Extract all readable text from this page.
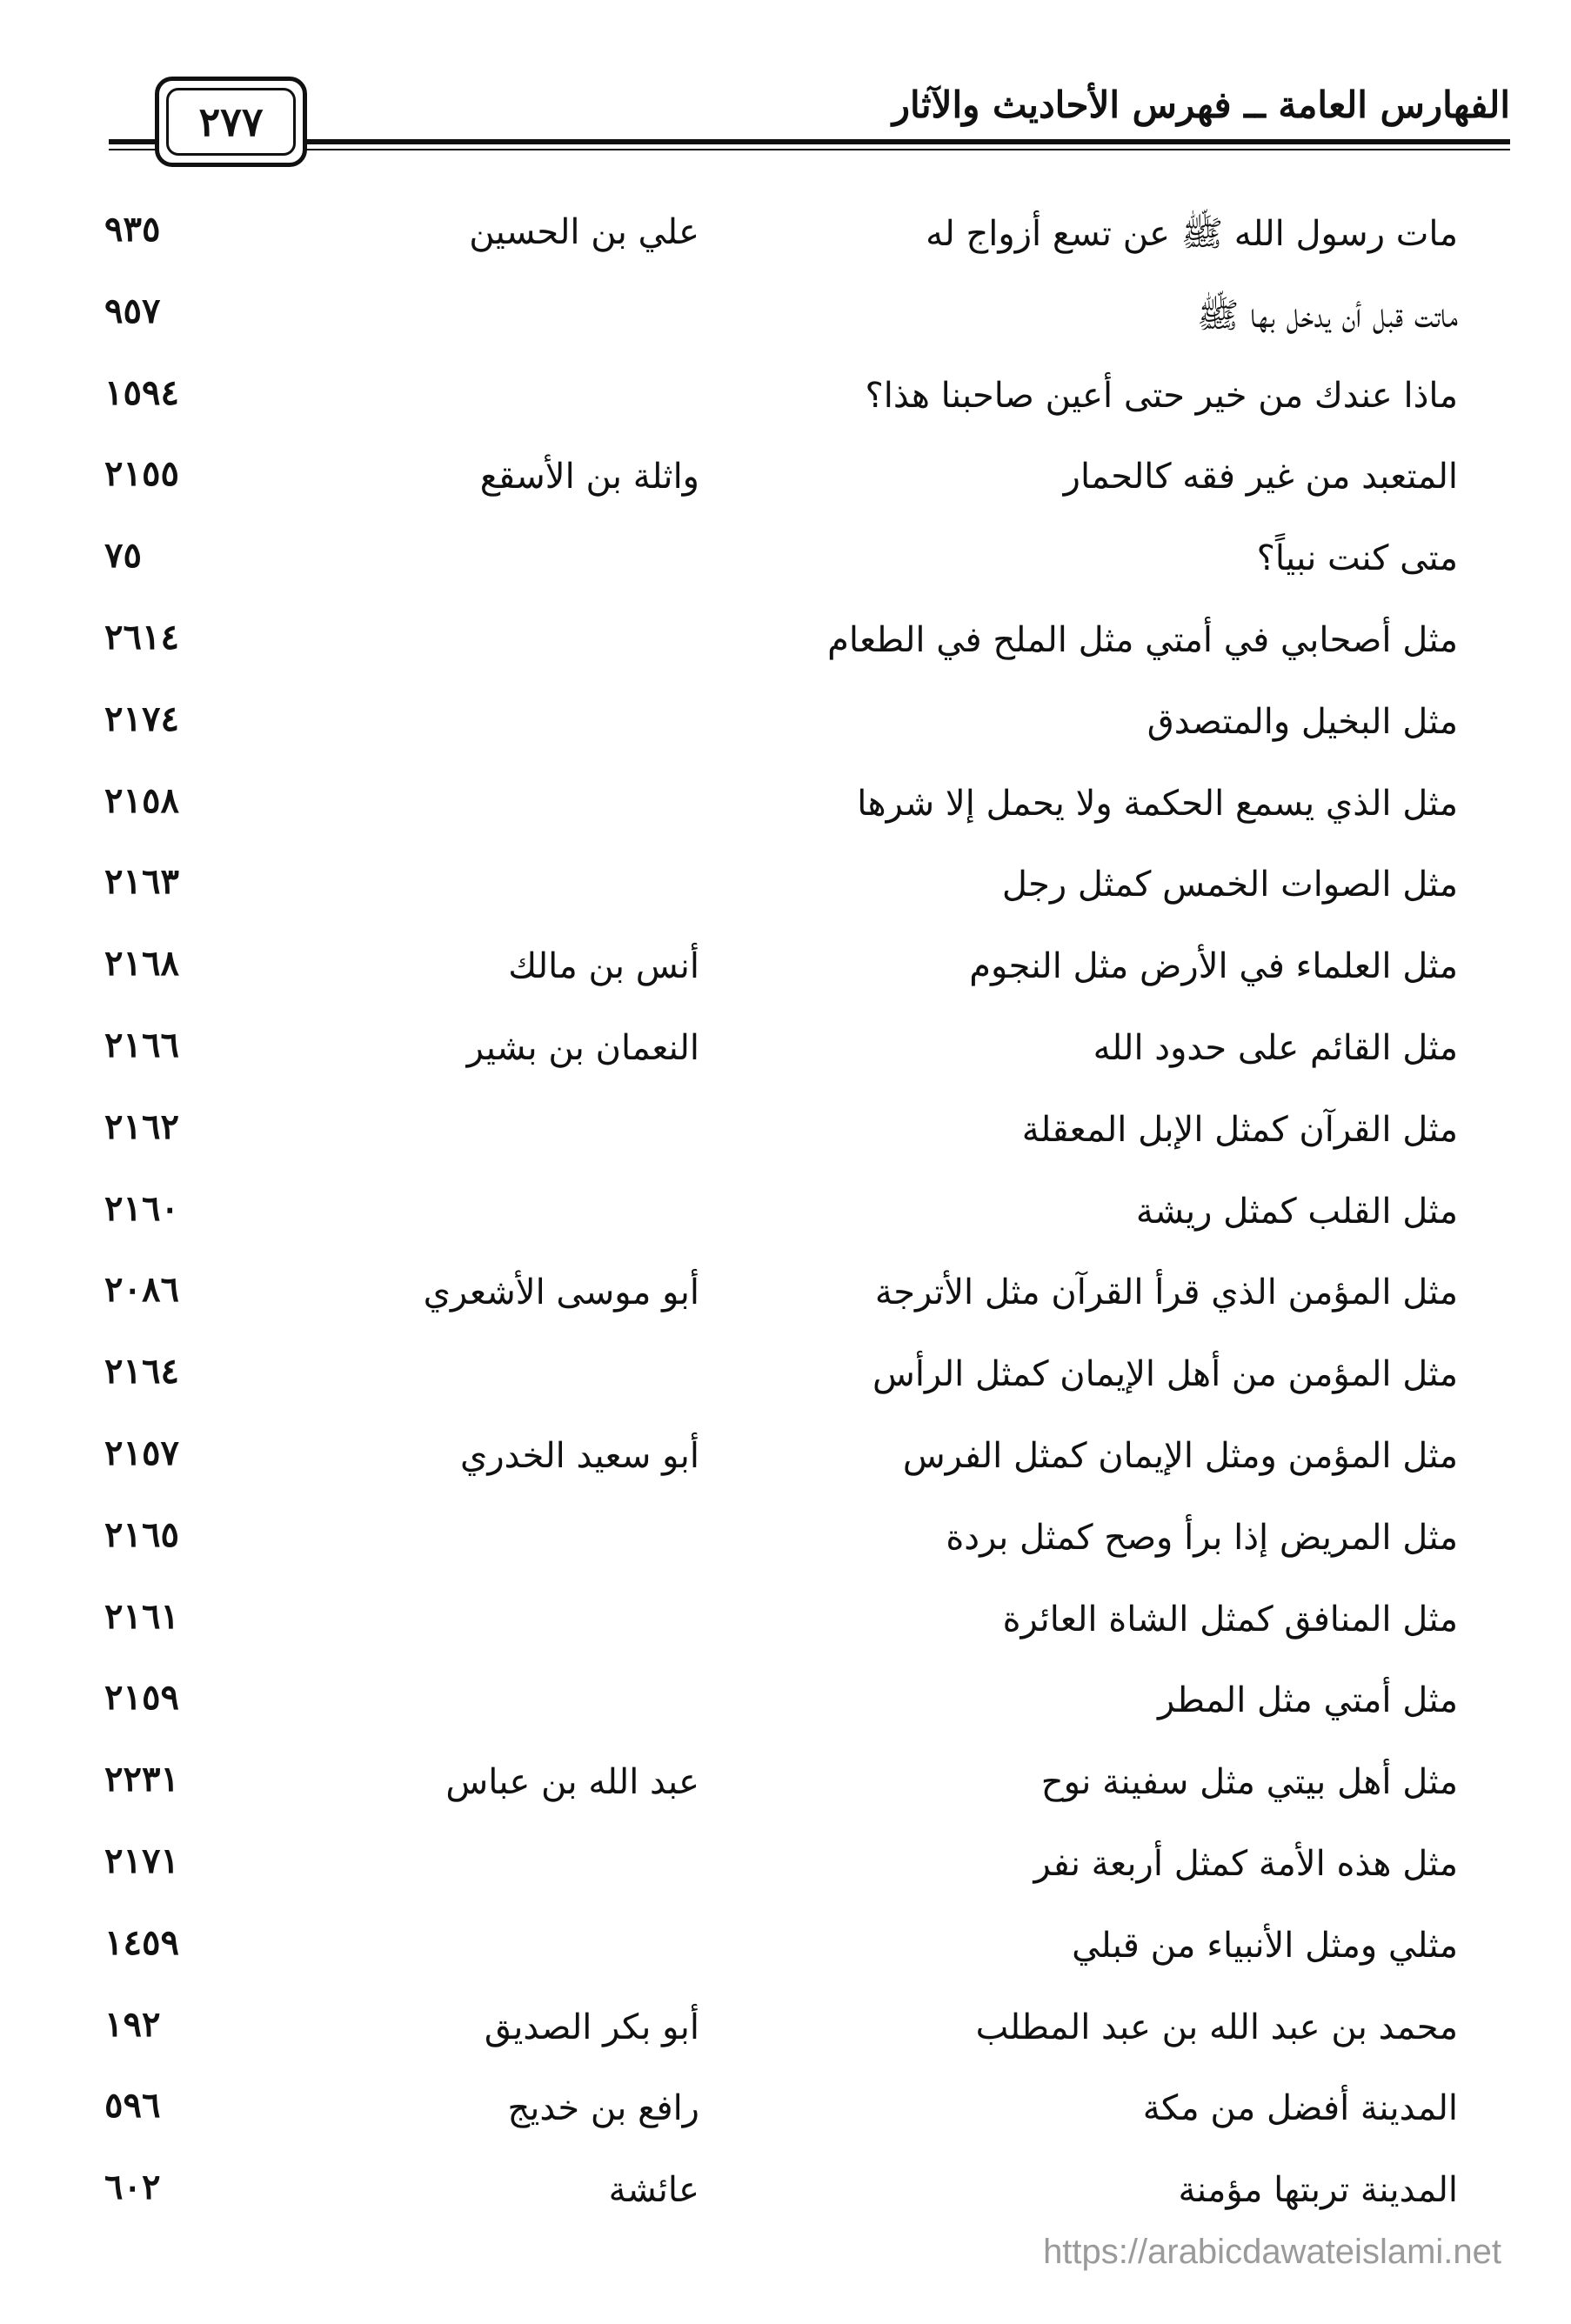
الفهارس العامة ــ فهرس الأحاديث والآثار
٢٧٧
مات رسول الله ﷺ عن تسع أزواج له
علي بن الحسين
٩٣٥
ماتت قبل أن يدخل بها ﷺ
٩٥٧
ماذا عندك من خير حتى أعين صاحبنا هذا؟
١٥٩٤
المتعبد من غير فقه كالحمار
واثلة بن الأسقع
٢١٥٥
متى كنت نبياً؟
٧٥
مثل أصحابي في أمتي مثل الملح في الطعام
٢٦١٤
مثل البخيل والمتصدق
٢١٧٤
مثل الذي يسمع الحكمة ولا يحمل إلا شرها
٢١٥٨
مثل الصوات الخمس كمثل رجل
٢١٦٣
مثل العلماء في الأرض مثل النجوم
أنس بن مالك
٢١٦٨
مثل القائم على حدود الله
النعمان بن بشير
٢١٦٦
مثل القرآن كمثل الإبل المعقلة
٢١٦٢
مثل القلب كمثل ريشة
٢١٦٠
مثل المؤمن الذي قرأ القرآن مثل الأترجة
أبو موسى الأشعري
٢٠٨٦
مثل المؤمن من أهل الإيمان كمثل الرأس
٢١٦٤
مثل المؤمن ومثل الإيمان كمثل الفرس
أبو سعيد الخدري
٢١٥٧
مثل المريض إذا برأ وصح كمثل بردة
٢١٦٥
مثل المنافق كمثل الشاة العائرة
٢١٦١
مثل أمتي مثل المطر
٢١٥٩
مثل أهل بيتي مثل سفينة نوح
عبد الله بن عباس
٢٢٣١
مثل هذه الأمة كمثل أربعة نفر
٢١٧١
مثلي ومثل الأنبياء من قبلي
١٤٥٩
محمد بن عبد الله بن عبد المطلب
أبو بكر الصديق
١٩٢
المدينة أفضل من مكة
رافع بن خديج
٥٩٦
المدينة تربتها مؤمنة
عائشة
٦٠٢
https://arabicdawateislami.net
